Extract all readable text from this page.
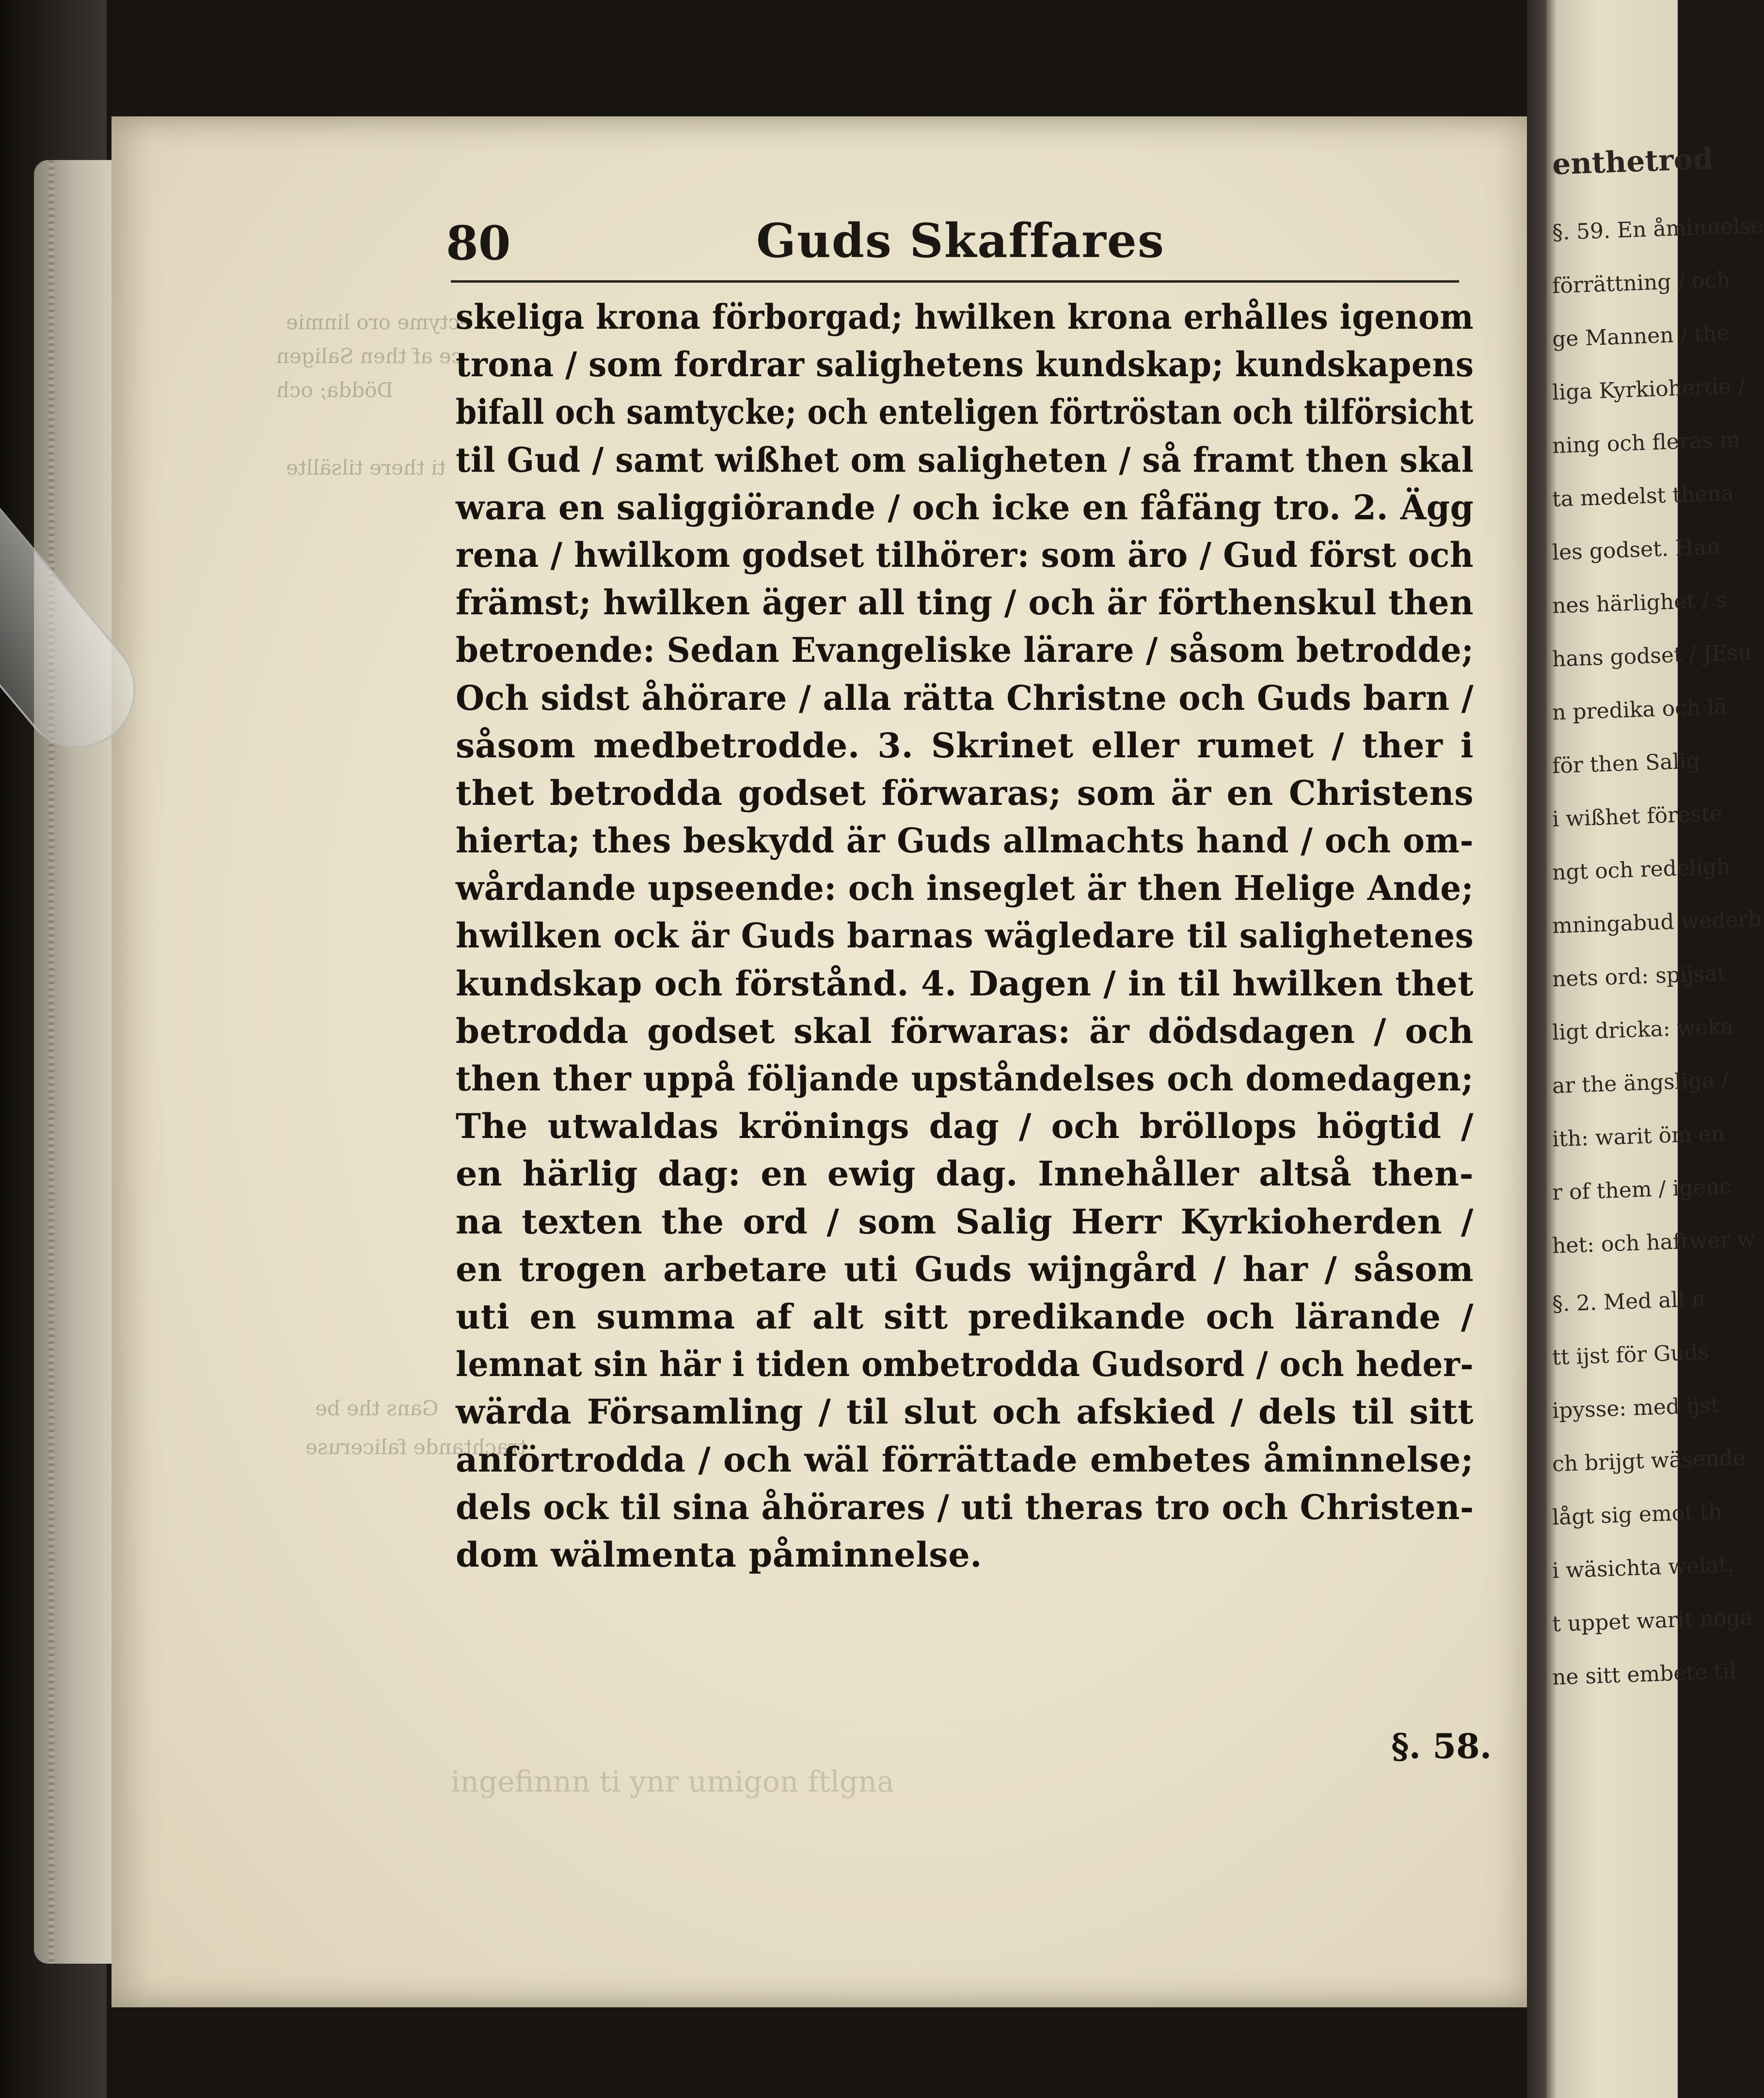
ectyme oro linmie
ce af then Saligen
Dödda; och
ti there tilsällte
Gans the be
trachtande faliceruse
enthetrod
§. 59. En åminnelse
förrättning / och
ge Mannen / the
liga Kyrkioherde /
ning och fleras m
ta medelst thena
les godset. Han
nes härlighet / s
hans godset / JEsu
n predika och lä
för then Salig
i wißhet föreste
ngt och redeligh
mningabud wederb
nets ord: spijsat
ligt dricka: weka
ar the ängsliga /
ith: warit öm en
r of them / igenc
het: och haftwer w
§. 2. Med all n
tt ijst för Guds
ipysse: med ijst
ch brijgt wäsende
lågt sig emot th
i wäsichta welat.
t uppet warit noga
ne sitt embete til
80	Guds Skaffares
skeliga krona förborgad; hwilken krona erhålles igenom
trona / som fordrar salighetens kundskap; kundskapens
bifall och samtycke; och enteligen förtröstan och tilförsicht
til Gud / samt wißhet om saligheten / så framt then skal
wara en saliggiörande / och icke en fåfäng tro. 2. Ägg
rena / hwilkom godset tilhörer: som äro / Gud först och
främst; hwilken äger all ting / och är förthenskul then
betroende: Sedan Evangeliske lärare / såsom betrodde;
Och sidst åhörare / alla rätta Christne och Guds barn /
såsom medbetrodde. 3. Skrinet eller rumet / ther i
thet betrodda godset förwaras; som är en Christens
hierta; thes beskydd är Guds allmachts hand / och om-
wårdande upseende: och inseglet är then Helige Ande;
hwilken ock är Guds barnas wägledare til salighetenes
kundskap och förstånd. 4. Dagen / in til hwilken thet
betrodda godset skal förwaras: är dödsdagen / och
then ther uppå följande upståndelses och domedagen;
The utwaldas krönings dag / och bröllops högtid /
en härlig dag: en ewig dag. Innehåller altså then-
na texten the ord / som Salig Herr Kyrkioherden /
en trogen arbetare uti Guds wijngård / har / såsom
uti en summa af alt sitt predikande och lärande /
lemnat sin här i tiden ombetrodda Gudsord / och heder-
wärda Församling / til slut och afskied / dels til sitt
anförtrodda / och wäl förrättade embetes åminnelse;
dels ock til sina åhörares / uti theras tro och Christen-
dom wälmenta påminnelse.
ingefinnn ti ynr umigon ftlgna
§. 58.
